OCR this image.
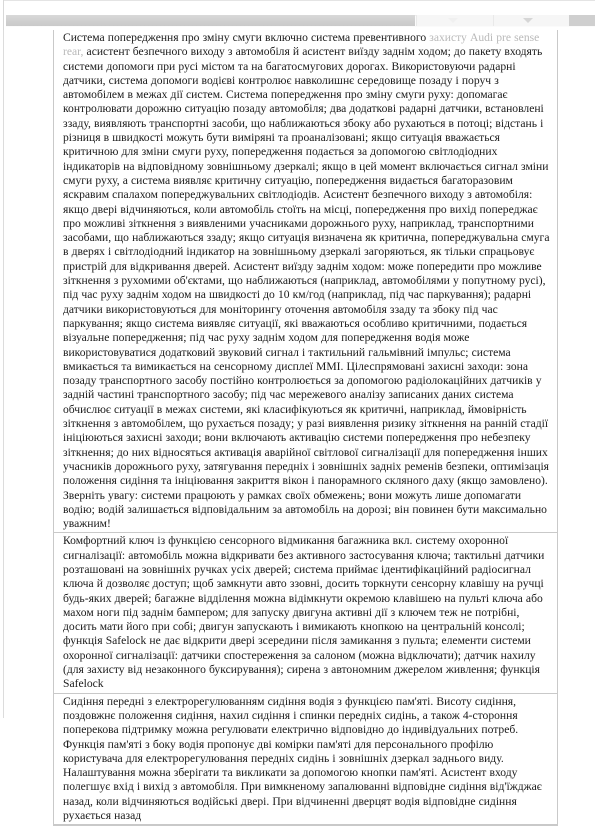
Система попередження про зміну смуги включно система превентивного захисту Audi pre sense rear, асистент безпечного виходу з автомобіля й асистент виїзду заднім ходом; до пакету входять системи допомоги при русі містом та на багатосмугових дорогах. Використовуючи радарні датчики, система допомоги водієві контролює навколишнє середовище позаду і поруч з автомобілем в межах дії систем. Система попередження про зміну смуги руху: допомагає контролювати дорожню ситуацію позаду автомобіля; два додаткові радарні датчики, встановлені ззаду, виявляють транспортні засоби, що наближаються збоку або рухаються в потоці; відстань і різниця в швидкості можуть бути виміряні та проаналізовані; якщо ситуація вважається критичною для зміни смуги руху, попередження подається за допомогою світлодіодних індикаторів на відповідному зовнішньому дзеркалі; якщо в цей момент включається сигнал зміни смуги руху, а система виявляє критичну ситуацію, попередження видається багаторазовим яскравим спалахом попереджувальних світлодіодів. Асистент безпечного виходу з автомобіля: якщо двері відчиняються, коли автомобіль стоїть на місці, попередження про вихід попереджає про можливі зіткнення з виявленими учасниками дорожнього руху, наприклад, транспортними засобами, що наближаються ззаду; якщо ситуація визначена як критична, попереджувальна смуга в дверях і світлодіодний індикатор на зовнішньому дзеркалі загоряються, як тільки спрацьовує пристрій для відкривання дверей. Асистент виїзду заднім ходом: може попередити про можливе зіткнення з рухомими об'єктами, що наближаються (наприклад, автомобілями у попутному русі), під час руху заднім ходом на швидкості до 10 км/год (наприклад, під час паркування); радарні датчики використовуються для моніторингу оточення автомобіля ззаду та збоку під час паркування; якщо система виявляє ситуації, які вважаються особливо критичними, подається візуальне попередження; під час руху заднім ходом для попередження водія може використовуватися додатковий звуковий сигнал і тактильний гальмівний імпульс; система вмикається та вимикається на сенсорному дисплеї MMI. Цілеспрямовані захисні заходи: зона позаду транспортного засобу постійно контролюється за допомогою радіолокаційних датчиків у задній частині транспортного засобу; під час мережевого аналізу записаних даних система обчислює ситуації в межах системи, які класифікуються як критичні, наприклад, ймовірність зіткнення з автомобілем, що рухається позаду; у разі виявлення ризику зіткнення на ранній стадії ініціюються захисні заходи; вони включають активацію системи попередження про небезпеку зіткнення; до них відносяться активація аварійної світлової сигналізації для попередження інших учасників дорожнього руху, затягування передніх і зовнішніх задніх ременів безпеки, оптимізація положення сидіння та ініціювання закриття вікон і панорамного скляного даху (якщо замовлено). Зверніть увагу: системи працюють у рамках своїх обмежень; вони можуть лише допомагати водію; водій залишається відповідальним за автомобіль на дорозі; він повинен бути максимально уважним!

Комфортний ключ із функцією сенсорного відмикання багажника вкл. систему охоронної сигналізації: автомобіль можна відкривати без активного застосування ключа; тактильні датчики розташовані на зовнішніх ручках усіх дверей; система приймає ідентифікаційний радіосигнал ключа й дозволяє доступ; щоб замкнути авто ззовні, досить торкнути сенсорну клавішу на ручці будь-яких дверей; багажне відділення можна відімкнути окремою клавішею на пульті ключа або махом ноги під заднім бампером; для запуску двигуна активні дії з ключем теж не потрібні, досить мати його при собі; двигун запускають і вимикають кнопкою на центральній консолі; функція Safelock не дає відкрити двері зсередини після замикання з пульта; елементи системи охоронної сигналізації: датчики спостереження за салоном (можна відключати); датчик нахилу (для захисту від незаконного буксирування); сирена з автономним джерелом живлення; функція Safelock

Сидіння передні з електрорегулюванням сидіння водія з функцією пам'яті. Висоту сидіння, поздовжнє положення сидіння, нахил сидіння і спинки передніх сидінь, а також 4-стороння поперекова підтримку можна регулювати електрично відповідно до індивідуальних потреб. Функція пам'яті з боку водія пропонує дві комірки пам'яті для персонального профілю користувача для електрорегулювання передніх сидінь і зовнішніх дзеркал заднього виду. Налаштування можна зберігати та викликати за допомогою кнопки пам'яті. Асистент входу полегшує вхід і вихід з автомобіля. При вимкненому запалюванні відповідне сидіння від'їжджає назад, коли відчиняються водійські двері. При відчиненні дверцят водія відповідне сидіння рухається назад
